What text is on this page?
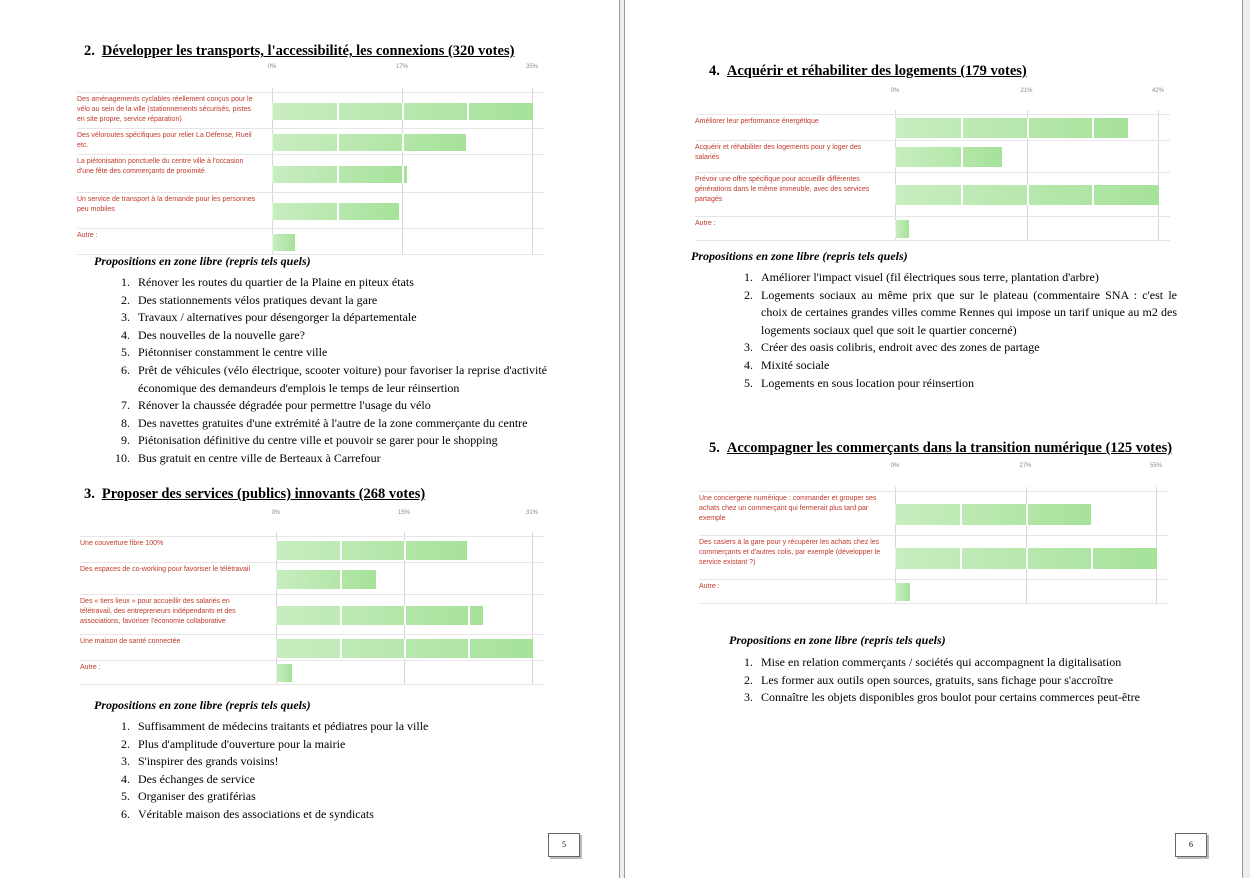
2. Développer les transports, l'accessibilité, les connexions (320 votes)
0%	17%	35%
Des aménagements cyclables réellement conçus pour le vélo au sein de la ville (stationnements sécurisés, pistes en site propre, service réparation)
Des véloroutes spécifiques pour relier La Défense, Rueil etc.
La piétonisation ponctuelle du centre ville à l'occasion d'une fête des commerçants de proximité
Un service de transport à la demande pour les personnes peu mobiles
Autre :
Propositions en zone libre (repris tels quels)
1. Rénover les routes du quartier de la Plaine en piteux états
2. Des stationnements vélos pratiques devant la gare
3. Travaux / alternatives pour désengorger la départementale
4. Des nouvelles de la nouvelle gare?
5. Piétonniser constamment le centre ville
6. Prêt de véhicules (vélo électrique, scooter voiture) pour favoriser la reprise d'activité économique des demandeurs d'emplois le temps de leur réinsertion
7. Rénover la chaussée dégradée pour permettre l'usage du vélo
8. Des navettes gratuites d'une extrémité à l'autre de la zone commerçante du centre
9. Piétonisation définitive du centre ville et pouvoir se garer pour le shopping
10. Bus gratuit en centre ville de Berteaux à Carrefour
3. Proposer des services (publics) innovants (268 votes)
0%	15%	31%
Une couverture fibre 100%
Des espaces de co-working pour favoriser le télétravail
Des « tiers lieux » pour accueillir des salariés en télétravail, des entrepreneurs indépendants et des associations, favoriser l'économie collaborative
Une maison de santé connectée
Autre :
Propositions en zone libre (repris tels quels)
1. Suffisamment de médecins traitants et pédiatres pour la ville
2. Plus d'amplitude d'ouverture pour la mairie
3. S'inspirer des grands voisins!
4. Des échanges de service
5. Organiser des gratiférias
6. Véritable maison des associations et de syndicats
5
4. Acquérir et réhabiliter des logements (179 votes)
0%	21%	42%
Améliorer leur performance énergétique
Acquérir et réhabiliter des logements pour y loger des salariés
Prévoir une offre spécifique pour accueillir différentes générations dans le même immeuble, avec des services partagés
Autre :
Propositions en zone libre (repris tels quels)
1. Améliorer l'impact visuel (fil électriques sous terre, plantation d'arbre)
2. Logements sociaux au même prix que sur le plateau (commentaire SNA : c'est le choix de certaines grandes villes comme Rennes qui impose un tarif unique au m2 des logements sociaux quel que soit le quartier concerné)
3. Créer des oasis colibris, endroit avec des zones de partage
4. Mixité sociale
5. Logements en sous location pour réinsertion
5. Accompagner les commerçants dans la transition numérique (125 votes)
0%	27%	55%
Une conciergerie numérique : commander et grouper ses achats chez un commerçant qui fermerait plus tard par exemple
Des casiers à la gare pour y récupérer les achats chez les commerçants et d'autres colis, par exemple (développer le service existant ?)
Autre :
Propositions en zone libre (repris tels quels)
1. Mise en relation commerçants / sociétés qui accompagnent la digitalisation
2. Les former aux outils open sources, gratuits, sans fichage pour s'accroître
3. Connaître les objets disponibles gros boulot pour certains commerces peut-être
6
